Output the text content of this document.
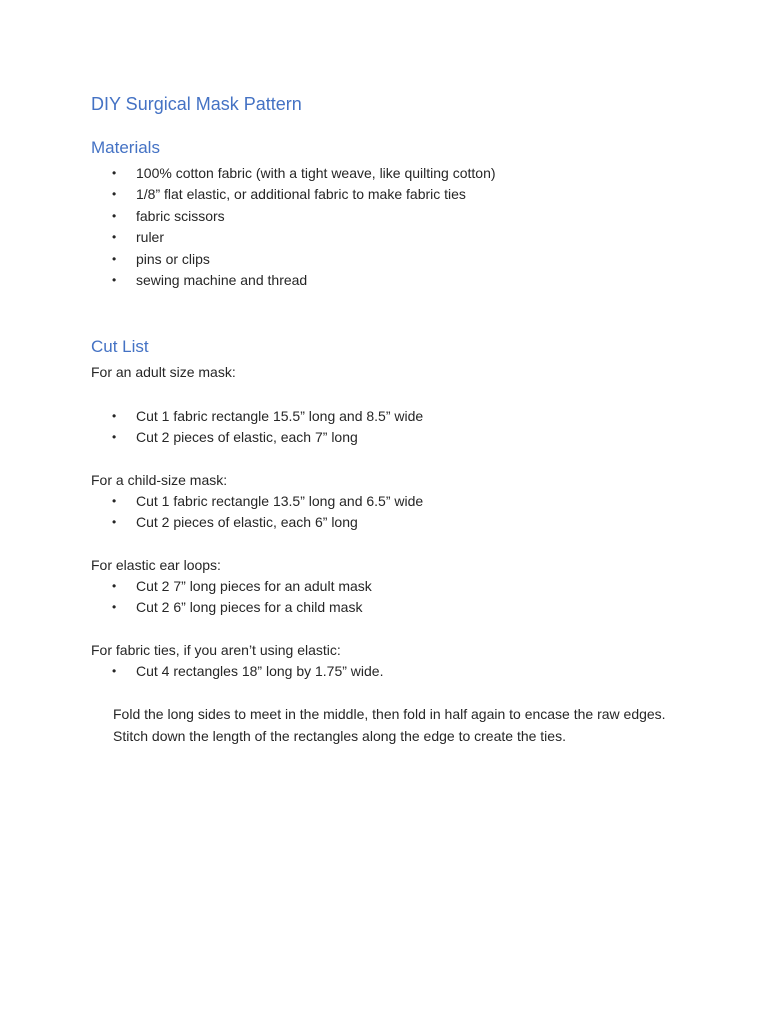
DIY Surgical Mask Pattern
Materials
• 100% cotton fabric (with a tight weave, like quilting cotton)
• 1/8” flat elastic, or additional fabric to make fabric ties
• fabric scissors
• ruler
• pins or clips
• sewing machine and thread
Cut List
For an adult size mask:
• Cut 1 fabric rectangle 15.5” long and 8.5” wide
• Cut 2 pieces of elastic, each 7” long
For a child-size mask:
• Cut 1 fabric rectangle 13.5” long and 6.5” wide
• Cut 2 pieces of elastic, each 6” long
For elastic ear loops:
• Cut 2 7” long pieces for an adult mask
• Cut 2 6” long pieces for a child mask
For fabric ties, if you aren’t using elastic:
• Cut 4 rectangles 18” long by 1.75” wide.
Fold the long sides to meet in the middle, then fold in half again to encase the raw edges. Stitch down the length of the rectangles along the edge to create the ties.
